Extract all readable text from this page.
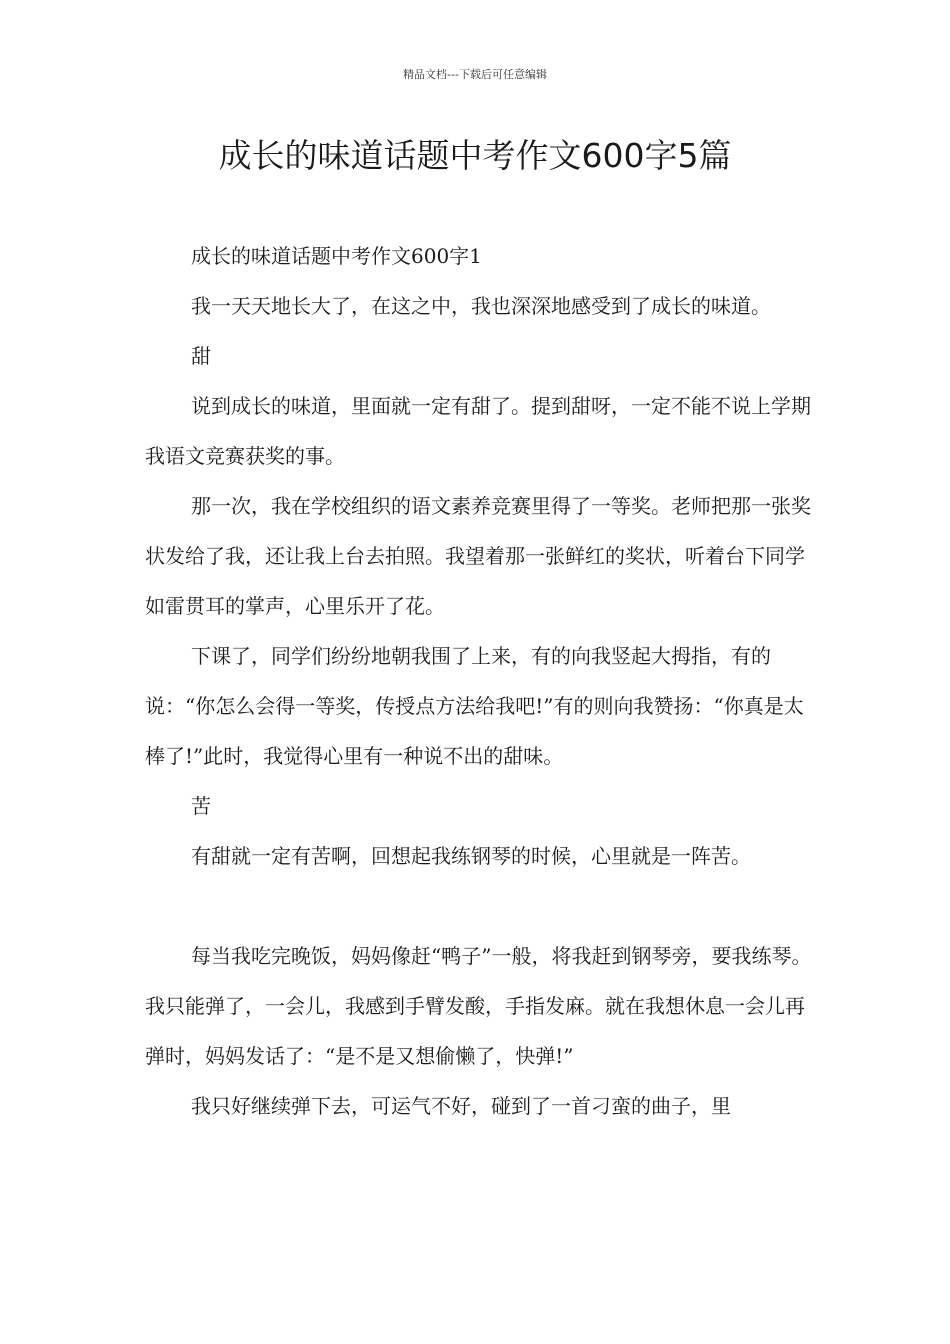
精品文档---下载后可任意编辑
成长的味道话题中考作文600字5篇

成长的味道话题中考作文600字1

我一天天地长大了，在这之中，我也深深地感受到了成长的味道。

甜

说到成长的味道，里面就一定有甜了。提到甜呀，一定不能不说上学期我语文竞赛获奖的事。

那一次，我在学校组织的语文素养竞赛里得了一等奖。老师把那一张奖状发给了我，还让我上台去拍照。我望着那一张鲜红的奖状，听着台下同学如雷贯耳的掌声，心里乐开了花。

下课了，同学们纷纷地朝我围了上来，有的向我竖起大拇指，有的说：“你怎么会得一等奖，传授点方法给我吧!”有的则向我赞扬：“你真是太棒了!”此时，我觉得心里有一种说不出的甜味。

苦

有甜就一定有苦啊，回想起我练钢琴的时候，心里就是一阵苦。

每当我吃完晚饭，妈妈像赶“鸭子”一般，将我赶到钢琴旁，要我练琴。我只能弹了，一会儿，我感到手臂发酸，手指发麻。就在我想休息一会儿再弹时，妈妈发话了：“是不是又想偷懒了，快弹!”

我只好继续弹下去，可运气不好，碰到了一首刁蛮的曲子，里
